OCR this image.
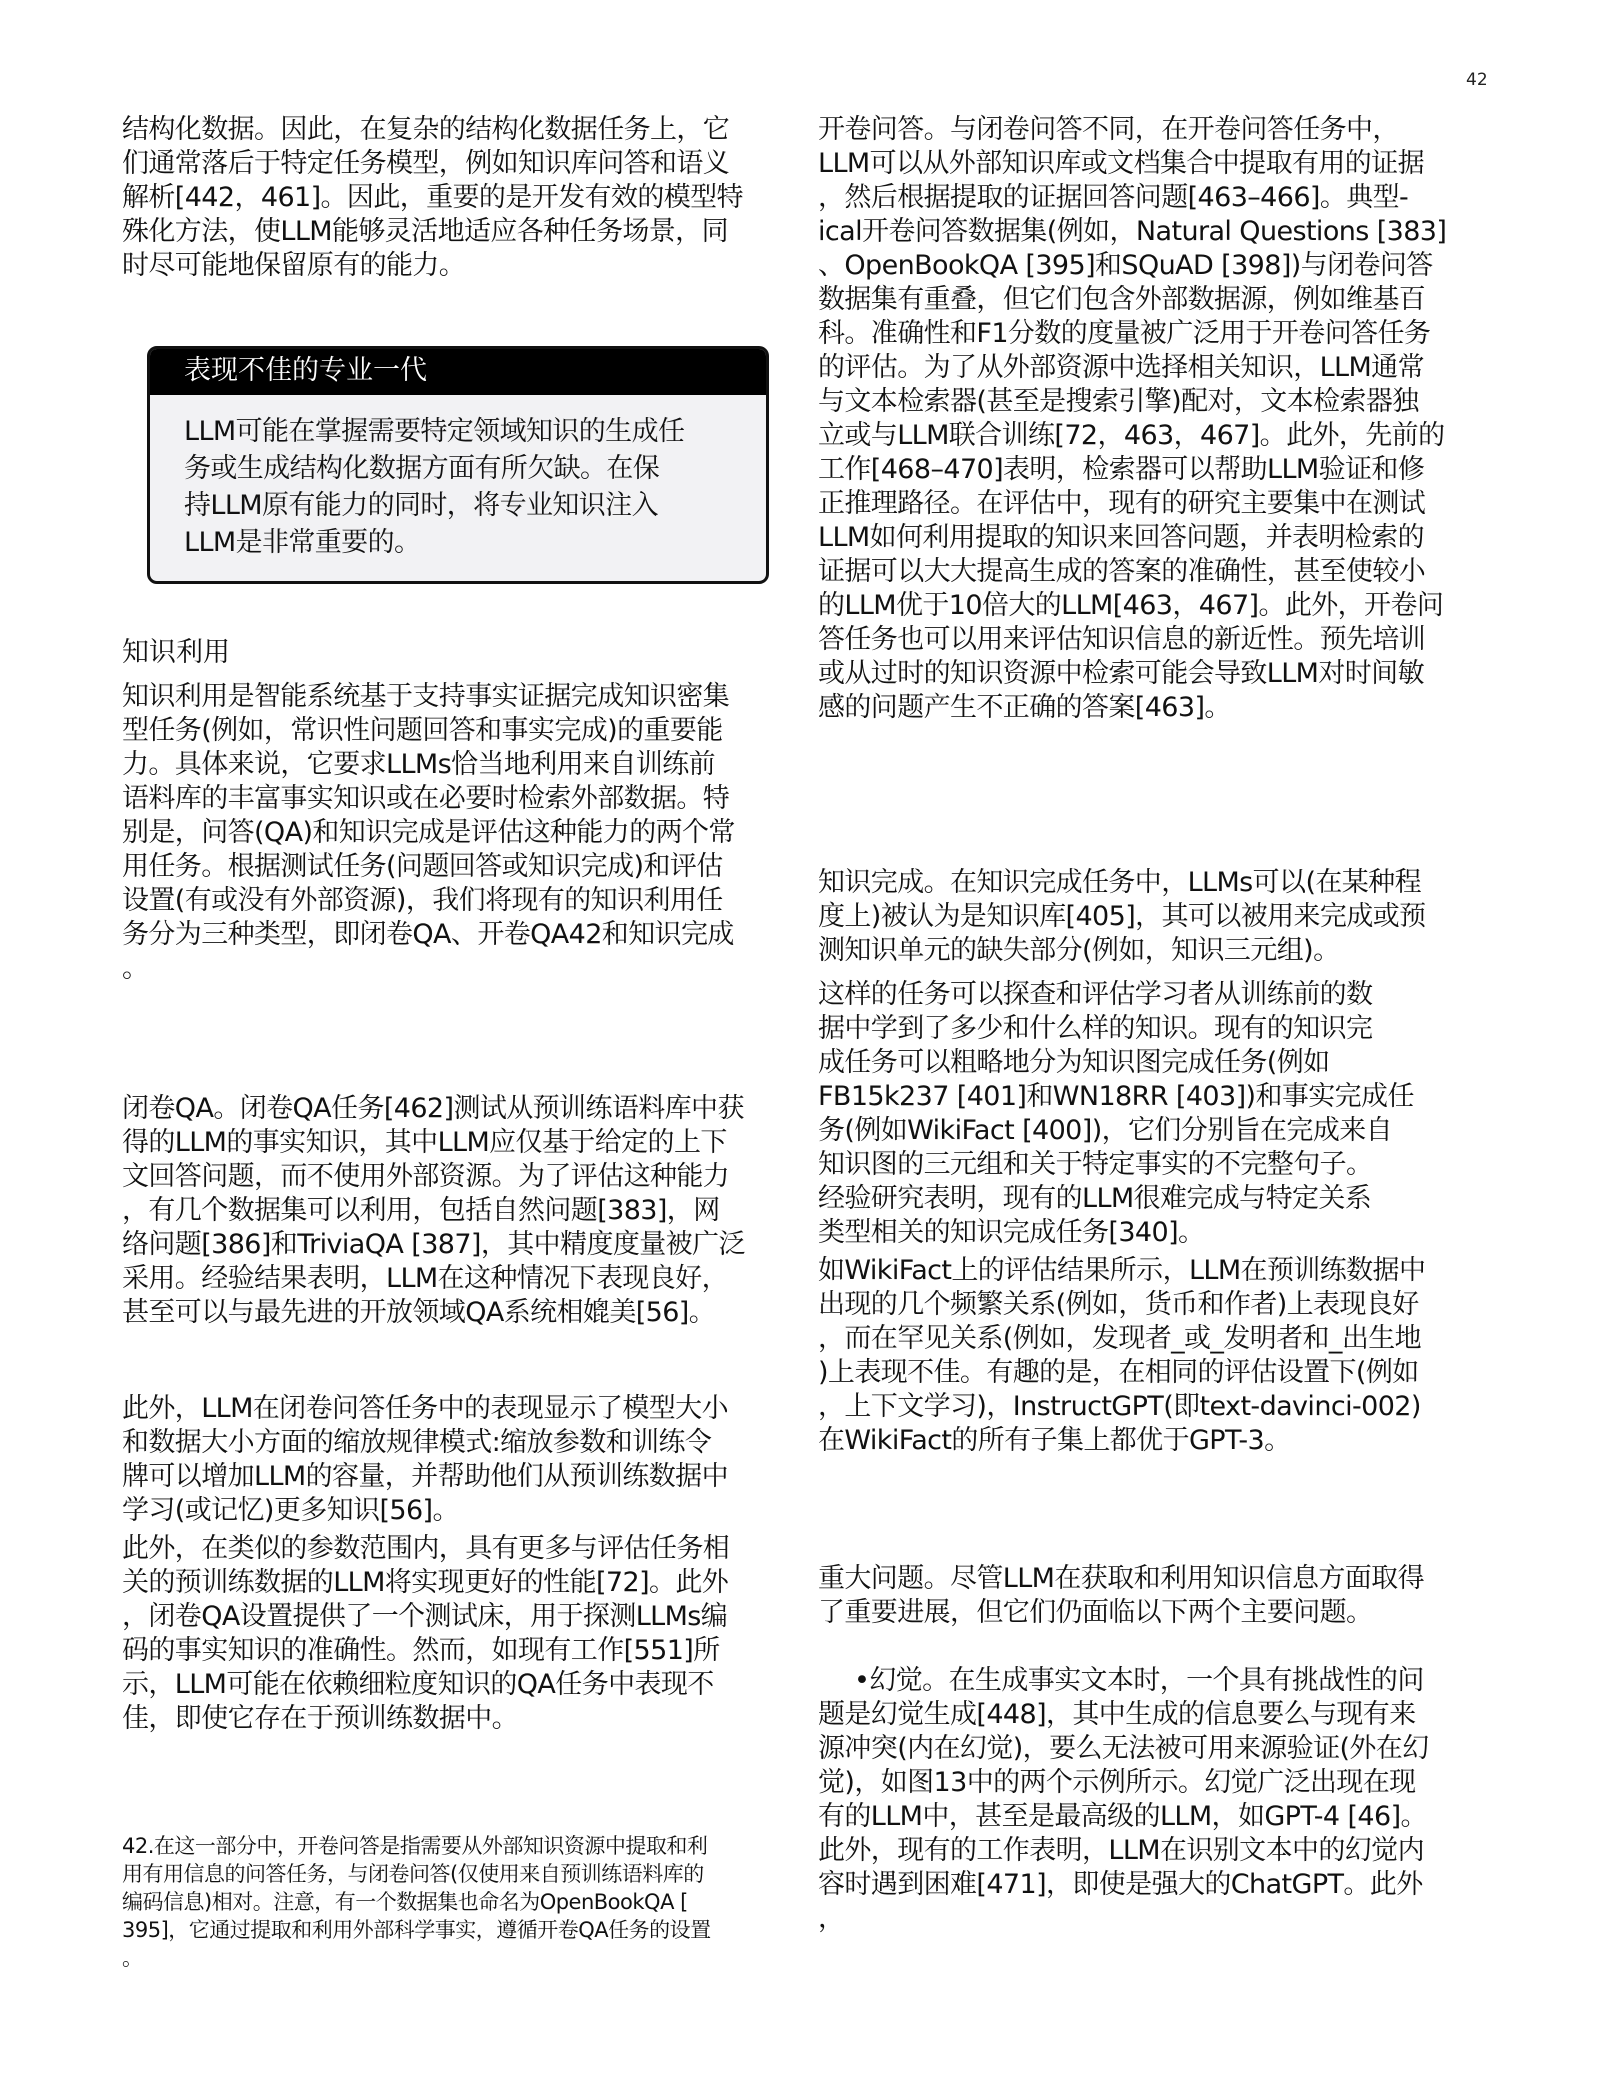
42
结构化数据。因此，在复杂的结构化数据任务上，它
们通常落后于特定任务模型，例如知识库问答和语义
解析[442，461]。因此，重要的是开发有效的模型特
殊化方法，使LLM能够灵活地适应各种任务场景，同
时尽可能地保留原有的能力。
表现不佳的专业一代
LLM可能在掌握需要特定领域知识的生成任
务或生成结构化数据方面有所欠缺。在保
持LLM原有能力的同时，将专业知识注入
LLM是非常重要的。
知识利用
知识利用是智能系统基于支持事实证据完成知识密集
型任务(例如，常识性问题回答和事实完成)的重要能
力。具体来说，它要求LLMs恰当地利用来自训练前
语料库的丰富事实知识或在必要时检索外部数据。特
别是，问答(QA)和知识完成是评估这种能力的两个常
用任务。根据测试任务(问题回答或知识完成)和评估
设置(有或没有外部资源)，我们将现有的知识利用任
务分为三种类型，即闭卷QA、开卷QA42和知识完成
。
闭卷QA。闭卷QA任务[462]测试从预训练语料库中获
得的LLM的事实知识，其中LLM应仅基于给定的上下
文回答问题，而不使用外部资源。为了评估这种能力
，有几个数据集可以利用，包括自然问题[383]，网
络问题[386]和TriviaQA [387]，其中精度度量被广泛
采用。经验结果表明，LLM在这种情况下表现良好，
甚至可以与最先进的开放领域QA系统相媲美[56]。
此外，LLM在闭卷问答任务中的表现显示了模型大小
和数据大小方面的缩放规律模式:缩放参数和训练令
牌可以增加LLM的容量，并帮助他们从预训练数据中
学习(或记忆)更多知识[56]。
此外，在类似的参数范围内，具有更多与评估任务相
关的预训练数据的LLM将实现更好的性能[72]。此外
，闭卷QA设置提供了一个测试床，用于探测LLMs编
码的事实知识的准确性。然而，如现有工作[551]所
示，LLM可能在依赖细粒度知识的QA任务中表现不
佳，即使它存在于预训练数据中。
42.在这一部分中，开卷问答是指需要从外部知识资源中提取和利
用有用信息的问答任务，与闭卷问答(仅使用来自预训练语料库的
编码信息)相对。注意，有一个数据集也命名为OpenBookQA [
395]，它通过提取和利用外部科学事实，遵循开卷QA任务的设置
。
开卷问答。与闭卷问答不同，在开卷问答任务中，
LLM可以从外部知识库或文档集合中提取有用的证据
，然后根据提取的证据回答问题[463–466]。典型-
ical开卷问答数据集(例如，Natural Questions [383]
、OpenBookQA [395]和SQuAD [398])与闭卷问答
数据集有重叠，但它们包含外部数据源，例如维基百
科。准确性和F1分数的度量被广泛用于开卷问答任务
的评估。为了从外部资源中选择相关知识，LLM通常
与文本检索器(甚至是搜索引擎)配对，文本检索器独
立或与LLM联合训练[72，463，467]。此外，先前的
工作[468–470]表明，检索器可以帮助LLM验证和修
正推理路径。在评估中，现有的研究主要集中在测试
LLM如何利用提取的知识来回答问题，并表明检索的
证据可以大大提高生成的答案的准确性，甚至使较小
的LLM优于10倍大的LLM[463，467]。此外，开卷问
答任务也可以用来评估知识信息的新近性。预先培训
或从过时的知识资源中检索可能会导致LLM对时间敏
感的问题产生不正确的答案[463]。
知识完成。在知识完成任务中，LLMs可以(在某种程
度上)被认为是知识库[405]，其可以被用来完成或预
测知识单元的缺失部分(例如，知识三元组)。
这样的任务可以探查和评估学习者从训练前的数
据中学到了多少和什么样的知识。现有的知识完
成任务可以粗略地分为知识图完成任务(例如
FB15k237 [401]和WN18RR [403])和事实完成任
务(例如WikiFact [400])，它们分别旨在完成来自
知识图的三元组和关于特定事实的不完整句子。
经验研究表明，现有的LLM很难完成与特定关系
类型相关的知识完成任务[340]。
如WikiFact上的评估结果所示，LLM在预训练数据中
出现的几个频繁关系(例如，货币和作者)上表现良好
，而在罕见关系(例如，发现者_或_发明者和_出生地
)上表现不佳。有趣的是，在相同的评估设置下(例如
，上下文学习)，InstructGPT(即text-davinci-002)
在WikiFact的所有子集上都优于GPT-3。
重大问题。尽管LLM在获取和利用知识信息方面取得
了重要进展，但它们仍面临以下两个主要问题。
•幻觉。在生成事实文本时，一个具有挑战性的问
题是幻觉生成[448]，其中生成的信息要么与现有来
源冲突(内在幻觉)，要么无法被可用来源验证(外在幻
觉)，如图13中的两个示例所示。幻觉广泛出现在现
有的LLM中，甚至是最高级的LLM，如GPT-4 [46]。
此外，现有的工作表明，LLM在识别文本中的幻觉内
容时遇到困难[471]，即使是强大的ChatGPT。此外
，
